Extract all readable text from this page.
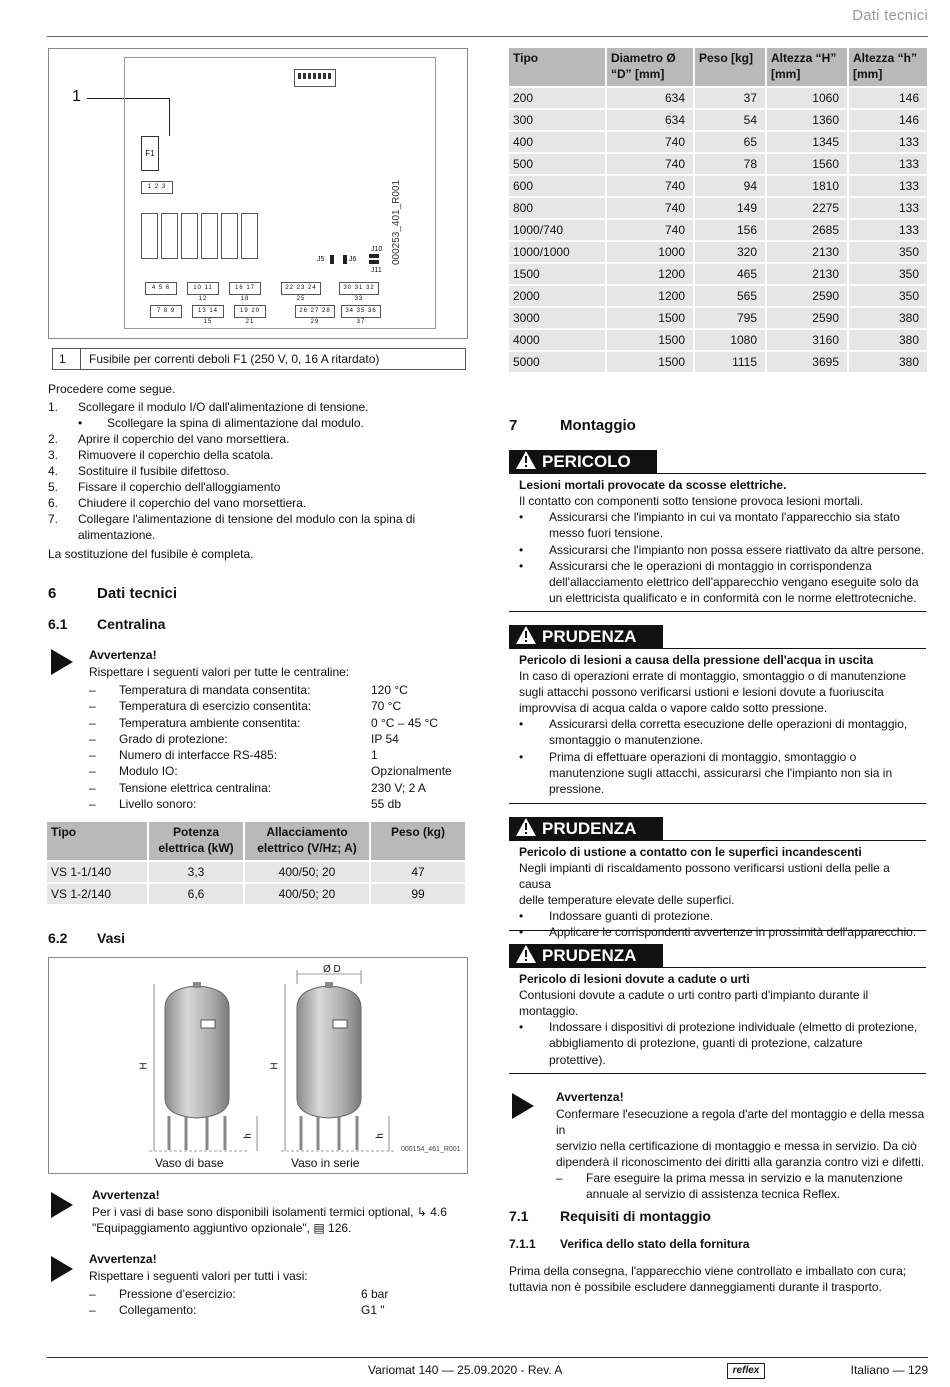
Dati tecnici
1
F1
1 2 3
J5	J6
J10
J11
4 5 6	10 11 12
16 17 18
22 23 24 25
30 31 32 33
7 8 9	13 14 15
19 20 21
26 27 28 29
34 35 36 37
000253_401_R001
1	Fusibile per correnti deboli F1 (250 V, 0, 16 A ritardato)
Procedere come segue.
1. Scollegare il modulo I/O dall'alimentazione di tensione.
• Scollegare la spina di alimentazione dal modulo.
2. Aprire il coperchio del vano morsettiera.
3. Rimuovere il coperchio della scatola.
4. Sostituire il fusibile difettoso.
5. Fissare il coperchio dell'alloggiamento
6. Chiudere il coperchio del vano morsettiera.
7. Collegare l'alimentazione di tensione del modulo con la spina di
alimentazione.
La sostituzione del fusibile è completa.
6	Dati tecnici
6.1 Centralina
Avvertenza!
Rispettare i seguenti valori per tutte le centraline:
– Temperatura di mandata consentita:	120 °C
– Temperatura di esercizio consentita:	70 °C
– Temperatura ambiente consentita:	0 °C – 45 °C
– Grado di protezione:	IP 54
– Numero di interfacce RS-485:	1
– Modulo IO:	Opzionalmente
– Tensione elettrica centralina:	230 V; 2 A
– Livello sonoro:	55 db
Tipo	Potenza elettrica (kW)	Allacciamento elettrico (V/Hz; A)	Peso (kg)
VS 1-1/140	3,3	400/50; 20	47
VS 1-2/140	6,6	400/50; 20	99
6.2 Vasi
Ø D
H	H
h	h
000154_461_R001
Vaso di base	Vaso in serie
Avvertenza!
Per i vasi di base sono disponibili isolamenti termici optional, ↳ 4.6
"Equipaggiamento aggiuntivo opzionale", ▤ 126.
Avvertenza!
Rispettare i seguenti valori per tutti i vasi:
– Pressione d’esercizio:	6 bar
– Collegamento:	G1 "
Tipo	Diametro Ø “D” [mm]	Peso [kg]	Altezza “H” [mm]	Altezza “h” [mm]
200	634	37	1060	146
300	634	54	1360	146
400	740	65	1345	133
500	740	78	1560	133
600	740	94	1810	133
800	740	149	2275	133
1000/740	740	156	2685	133
1000/1000	1000	320	2130	350
1500	1200	465	2130	350
2000	1200	565	2590	350
3000	1500	795	2590	380
4000	1500	1080	3160	380
5000	1500	1115	3695	380
7	Montaggio
PERICOLO
Lesioni mortali provocate da scosse elettriche.
Il contatto con componenti sotto tensione provoca lesioni mortali.
• Assicurarsi che l'impianto in cui va montato l'apparecchio sia stato
messo fuori tensione.
• Assicurarsi che l'impianto non possa essere riattivato da altre persone.
• Assicurarsi che le operazioni di montaggio in corrispondenza
dell'allacciamento elettrico dell'apparecchio vengano eseguite solo da
un elettricista qualificato e in conformità con le norme elettrotecniche.
PRUDENZA
Pericolo di lesioni a causa della pressione dell'acqua in uscita
In caso di operazioni errate di montaggio, smontaggio o di manutenzione
sugli attacchi possono verificarsi ustioni e lesioni dovute a fuoriuscita
improvvisa di acqua calda o vapore caldo sotto pressione.
• Assicurarsi della corretta esecuzione delle operazioni di montaggio,
smontaggio o manutenzione.
• Prima di effettuare operazioni di montaggio, smontaggio o
manutenzione sugli attacchi, assicurarsi che l'impianto non sia in
pressione.
PRUDENZA
Pericolo di ustione a contatto con le superfici incandescenti
Negli impianti di riscaldamento possono verificarsi ustioni della pelle a causa
delle temperature elevate delle superfici.
• Indossare guanti di protezione.
• Applicare le corrispondenti avvertenze in prossimità dell'apparecchio.
PRUDENZA
Pericolo di lesioni dovute a cadute o urti
Contusioni dovute a cadute o urti contro parti d'impianto durante il
montaggio.
• Indossare i dispositivi di protezione individuale (elmetto di protezione,
abbigliamento di protezione, guanti di protezione, calzature
protettive).
Avvertenza!
Confermare l'esecuzione a regola d'arte del montaggio e della messa in
servizio nella certificazione di montaggio e messa in servizio. Da ciò
dipenderà il riconoscimento dei diritti alla garanzia contro vizi e difetti.
– Fare eseguire la prima messa in servizio e la manutenzione
annuale al servizio di assistenza tecnica Reflex.
7.1 Requisiti di montaggio
7.1.1 Verifica dello stato della fornitura
Prima della consegna, l'apparecchio viene controllato e imballato con cura;
tuttavia non è possibile escludere danneggiamenti durante il trasporto.
Variomat 140 — 25.09.2020 - Rev. A	reflex	Italiano — 129
